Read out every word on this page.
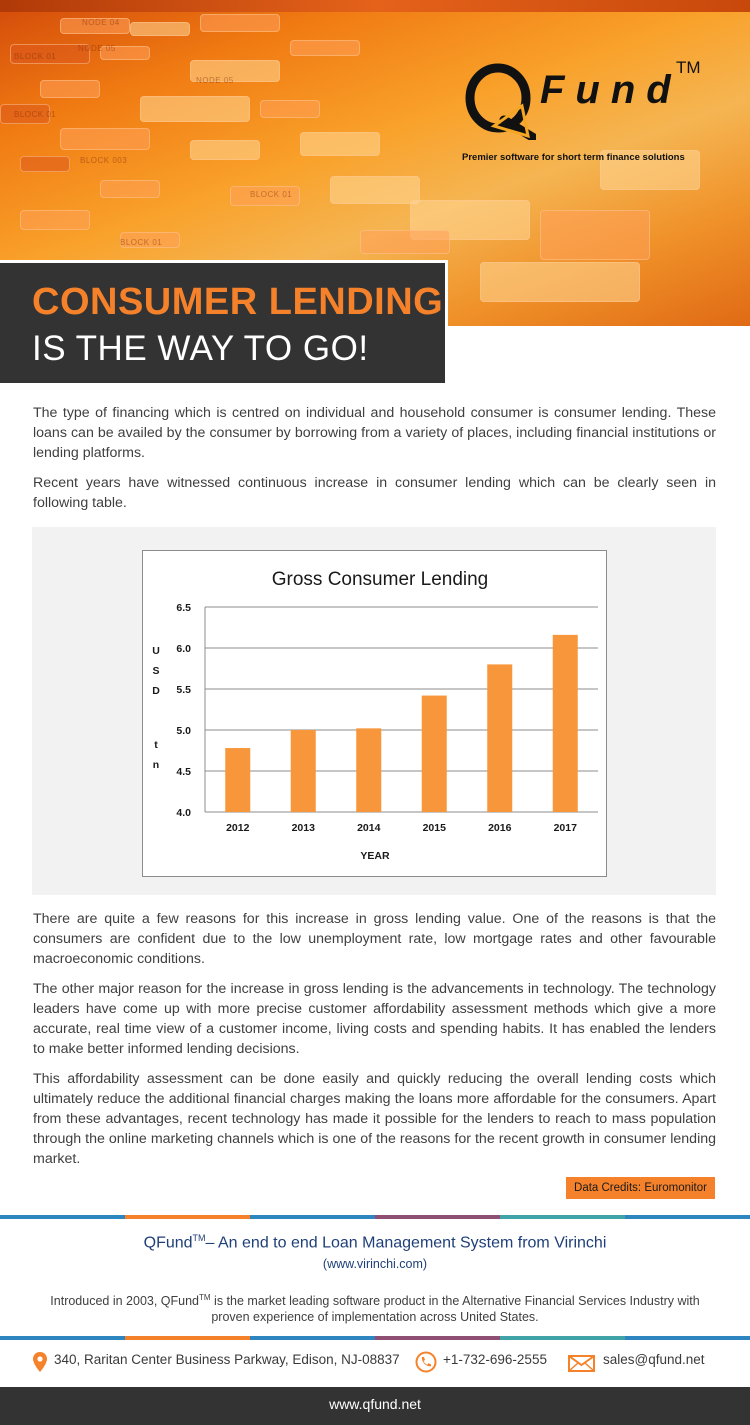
NODE 04
NODE 05
BLOCK 01
BLOCK 003
BLOCK 01
BLOCK 01
NODE 05
BLOCK 01
Fund
TM
Premier software for short term finance solutions
CONSUMER LENDING
IS THE WAY TO GO!

The type of financing which is centred on individual and household consumer is consumer lending. These loans can be availed by the consumer by borrowing from a variety of places, including financial institutions or lending platforms.

Recent years have witnessed continuous increase in consumer lending which can be clearly seen in following table.

Gross Consumer Lending
4.0
4.5
5.0
5.5
6.0
6.5
2012	2013	2014	2015	2016	2017
YEAR
U
S
D
t
n

There are quite a few reasons for this increase in gross lending value. One of the reasons is that the consumers are confident due to the low unemployment rate, low mortgage rates and other favourable macroeconomic conditions.

The other major reason for the increase in gross lending is the advancements in technology. The technology leaders have come up with more precise customer affordability assessment methods which give a more accurate, real time view of a customer income, living costs and spending habits. It has enabled the lenders to make better informed lending decisions.

This affordability assessment can be done easily and quickly reducing the overall lending costs which ultimately reduce the additional financial charges making the loans more affordable for the consumers. Apart from these advantages, recent technology has made it possible for the lenders to reach to mass population through the online marketing channels which is one of the reasons for the recent growth in consumer lending market.

Data Credits: Euromonitor
QFund™– An end to end Loan Management System from Virinchi
(www.virinchi.com)
Introduced in 2003, QFund™ is the market leading software product in the Alternative Financial Services Industry with proven experience of implementation across United States.
340, Raritan Center Business Parkway, Edison, NJ-08837	+1-732-696-2555	sales@qfund.net
www.qfund.net
